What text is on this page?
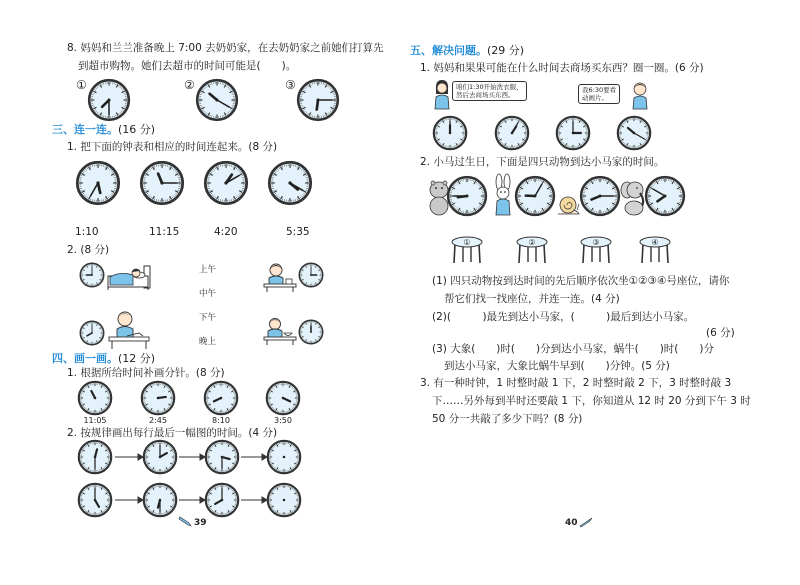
8. 妈妈和兰兰准备晚上 7:00 去奶奶家，在去奶奶家之前她们打算先
到超市购物。她们去超市的时间可能是(　　)。
①	②	③
三、连一连。(16 分)
1. 把下面的钟表和相应的时间连起来。(8 分)
1:10	11:15	4:20	5:35
2. (8 分)
上午
中午
下午
晚上
四、画一画。(12 分)
1. 根据所给时间补画分针。(8 分)
11:05	2:45	8:10	3:50
2. 按规律画出每行最后一幅图的时间。(4 分)
39
五、解决问题。(29 分)
1. 妈妈和果果可能在什么时间去商场买东西？圈一圈。(6 分)
咱们1:30开始洗衣服，
然后去商场买东西。
我6:30要看
动画片。
2. 小马过生日，下面是四只动物到达小马家的时间。
①	②	③	④
(1) 四只动物按到达时间的先后顺序依次坐①②③④号座位，请你
帮它们找一找座位，并连一连。(4 分)
(2)(　　　)最先到达小马家，(　　　)最后到达小马家。
(6 分)
(3) 大象(　　)时(　　)分到达小马家，蜗牛(　　)时(　　)分
到达小马家，大象比蜗牛早到(　　)分钟。(5 分)
3. 有一种时钟，1 时整时敲 1 下，2 时整时敲 2 下，3 时整时敲 3
下……另外每到半时还要敲 1 下，你知道从 12 时 20 分到下午 3 时
50 分一共敲了多少下吗？(8 分)
40
